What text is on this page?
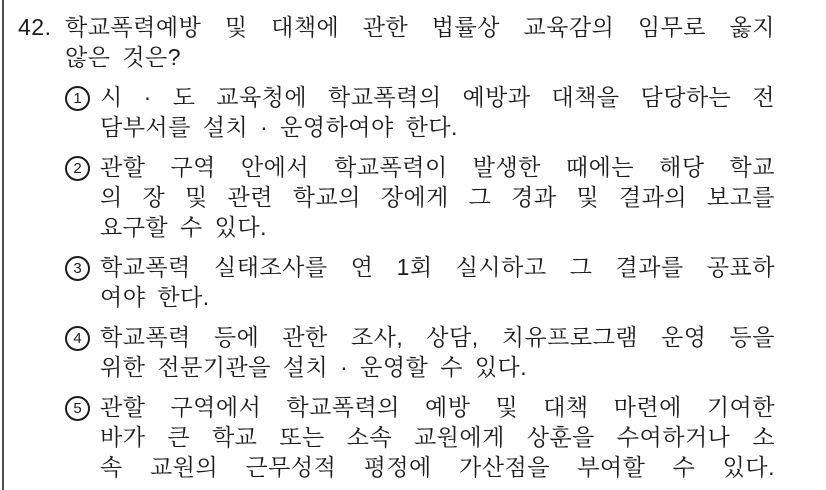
42. 학교폭력예방 및 대책에 관한 법률상 교육감의 임무로 옳지
않은 것은?
1 시 · 도 교육청에 학교폭력의 예방과 대책을 담당하는 전
담부서를 설치 · 운영하여야 한다.
2 관할 구역 안에서 학교폭력이 발생한 때에는 해당 학교
의 장 및 관련 학교의 장에게 그 경과 및 결과의 보고를
요구할 수 있다.
3 학교폭력 실태조사를 연 1회 실시하고 그 결과를 공표하
여야 한다.
4 학교폭력 등에 관한 조사, 상담, 치유프로그램 운영 등을
위한 전문기관을 설치 · 운영할 수 있다.
5 관할 구역에서 학교폭력의 예방 및 대책 마련에 기여한
바가 큰 학교 또는 소속 교원에게 상훈을 수여하거나 소
속 교원의 근무성적 평정에 가산점을 부여할 수 있다.
